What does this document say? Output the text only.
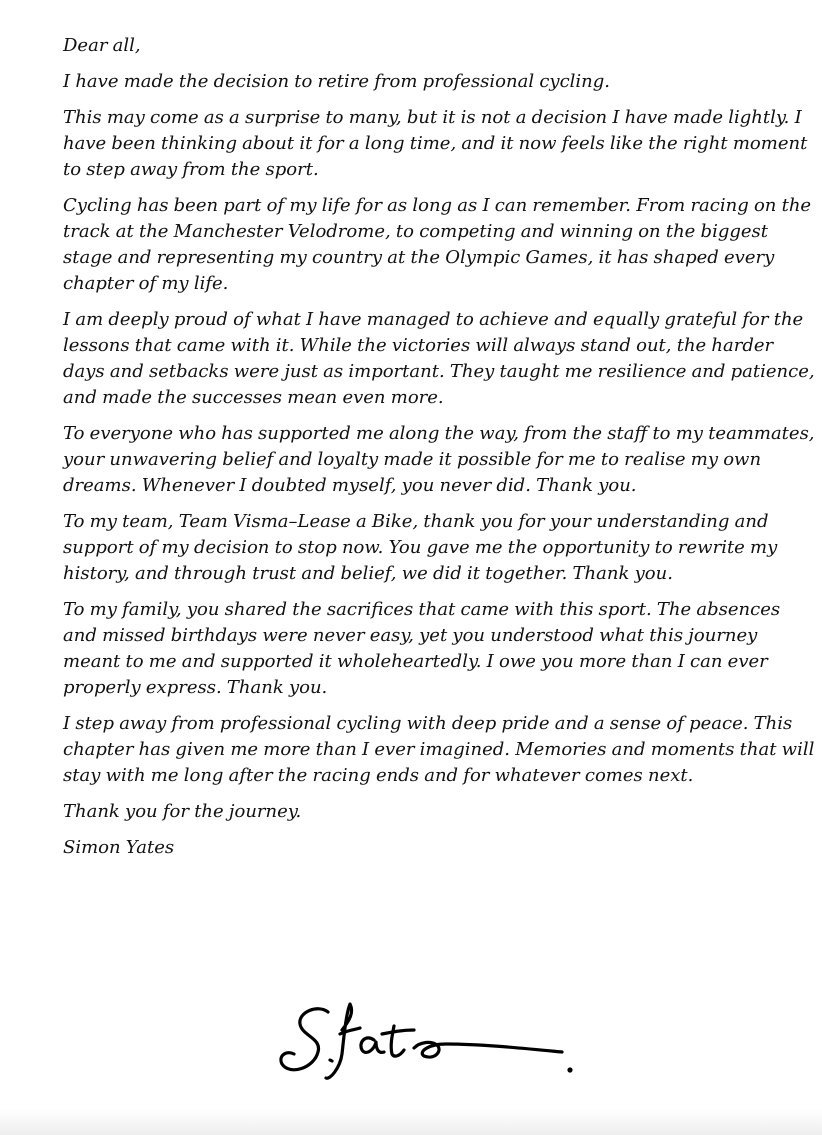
Dear all,

I have made the decision to retire from professional cycling.

This may come as a surprise to many, but it is not a decision I have made lightly. I have been thinking about it for a long time, and it now feels like the right moment to step away from the sport.

Cycling has been part of my life for as long as I can remember. From racing on the track at the Manchester Velodrome, to competing and winning on the biggest stage and representing my country at the Olympic Games, it has shaped every chapter of my life.

I am deeply proud of what I have managed to achieve and equally grateful for the lessons that came with it. While the victories will always stand out, the harder days and setbacks were just as important. They taught me resilience and patience, and made the successes mean even more.

To everyone who has supported me along the way, from the staff to my teammates, your unwavering belief and loyalty made it possible for me to realise my own dreams. Whenever I doubted myself, you never did. Thank you.

To my team, Team Visma–Lease a Bike, thank you for your understanding and support of my decision to stop now. You gave me the opportunity to rewrite my history, and through trust and belief, we did it together. Thank you.

To my family, you shared the sacrifices that came with this sport. The absences and missed birthdays were never easy, yet you understood what this journey meant to me and supported it wholeheartedly. I owe you more than I can ever properly express. Thank you.

I step away from professional cycling with deep pride and a sense of peace. This chapter has given me more than I ever imagined. Memories and moments that will stay with me long after the racing ends and for whatever comes next.

Thank you for the journey.

Simon Yates
